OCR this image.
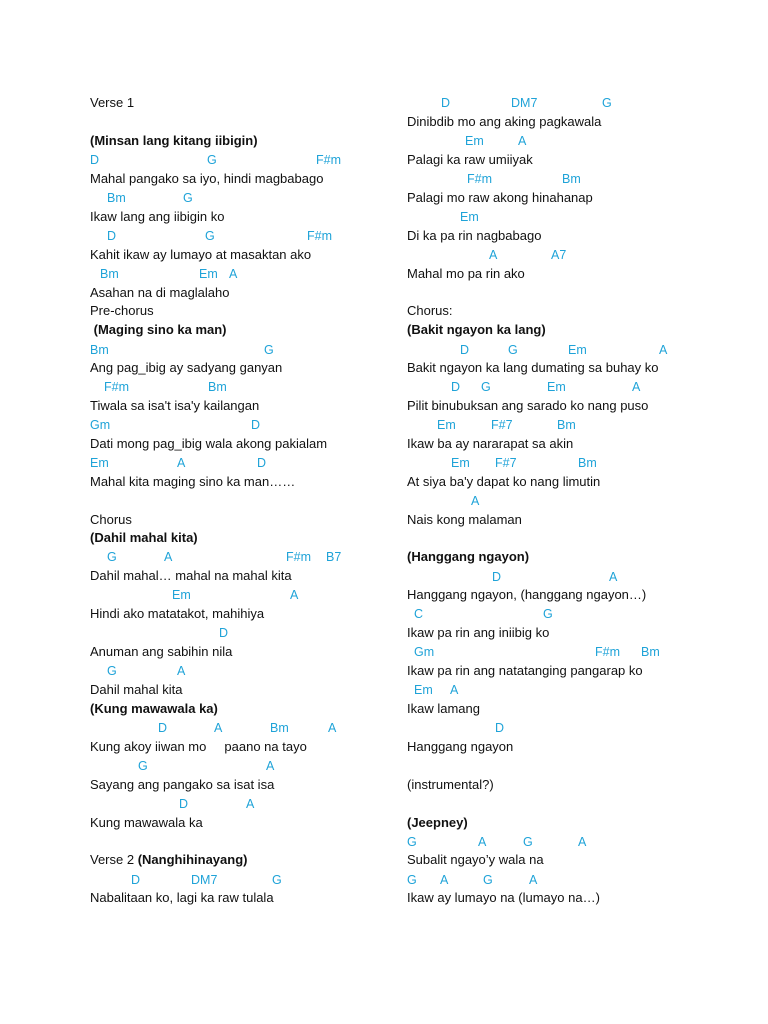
Verse 1
(Minsan lang kitang iibigin)
D	G	F#m
Mahal pangako sa iyo, hindi magbabago
Bm	G
Ikaw lang ang iibigin ko
D	G	F#m
Kahit ikaw ay lumayo at masaktan ako
Bm	Em A
Asahan na di maglalaho
Pre-chorus
(Maging sino ka man)
Bm	G
Ang pag_ibig ay sadyang ganyan
F#m	Bm
Tiwala sa isa't isa'y kailangan
Gm	D
Dati mong pag_ibig wala akong pakialam
Em	A	D
Mahal kita maging sino ka man……
Chorus
(Dahil mahal kita)
G	A	F#m B7
Dahil mahal… mahal na mahal kita
Em	A
Hindi ako matatakot, mahihiya
D
Anuman ang sabihin nila
G	A
Dahil mahal kita
(Kung mawawala ka)
D	A	Bm	A
Kung akoy iiwan mo     paano na tayo
G	A
Sayang ang pangako sa isat isa
D	A
Kung mawawala ka
Verse 2 (Nanghihinayang)
D	DM7	G
Nabalitaan ko, lagi ka raw tulala
D	DM7	G
Dinibdib mo ang aking pagkawala
Em	A
Palagi ka raw umiiyak
F#m	Bm
Palagi mo raw akong hinahanap
Em
Di ka pa rin nagbabago
A	A7
Mahal mo pa rin ako
Chorus:
(Bakit ngayon ka lang)
D	G	Em	A
Bakit ngayon ka lang dumating sa buhay ko
D G	Em	A
Pilit binubuksan ang sarado ko nang puso
Em	F#7	Bm
Ikaw ba ay nararapat sa akin
Em F#7	Bm
At siya ba'y dapat ko nang limutin
A
Nais kong malaman
(Hanggang ngayon)
D	A
Hanggang ngayon, (hanggang ngayon…)
C	G
Ikaw pa rin ang iniibig ko
Gm	F#m Bm
Ikaw pa rin ang natatanging pangarap ko
Em A
Ikaw lamang
D
Hanggang ngayon
(instrumental?)
(Jeepney)
G	A	G	A
Subalit ngayo’y wala na
G A	G	A
Ikaw ay lumayo na (lumayo na…)
